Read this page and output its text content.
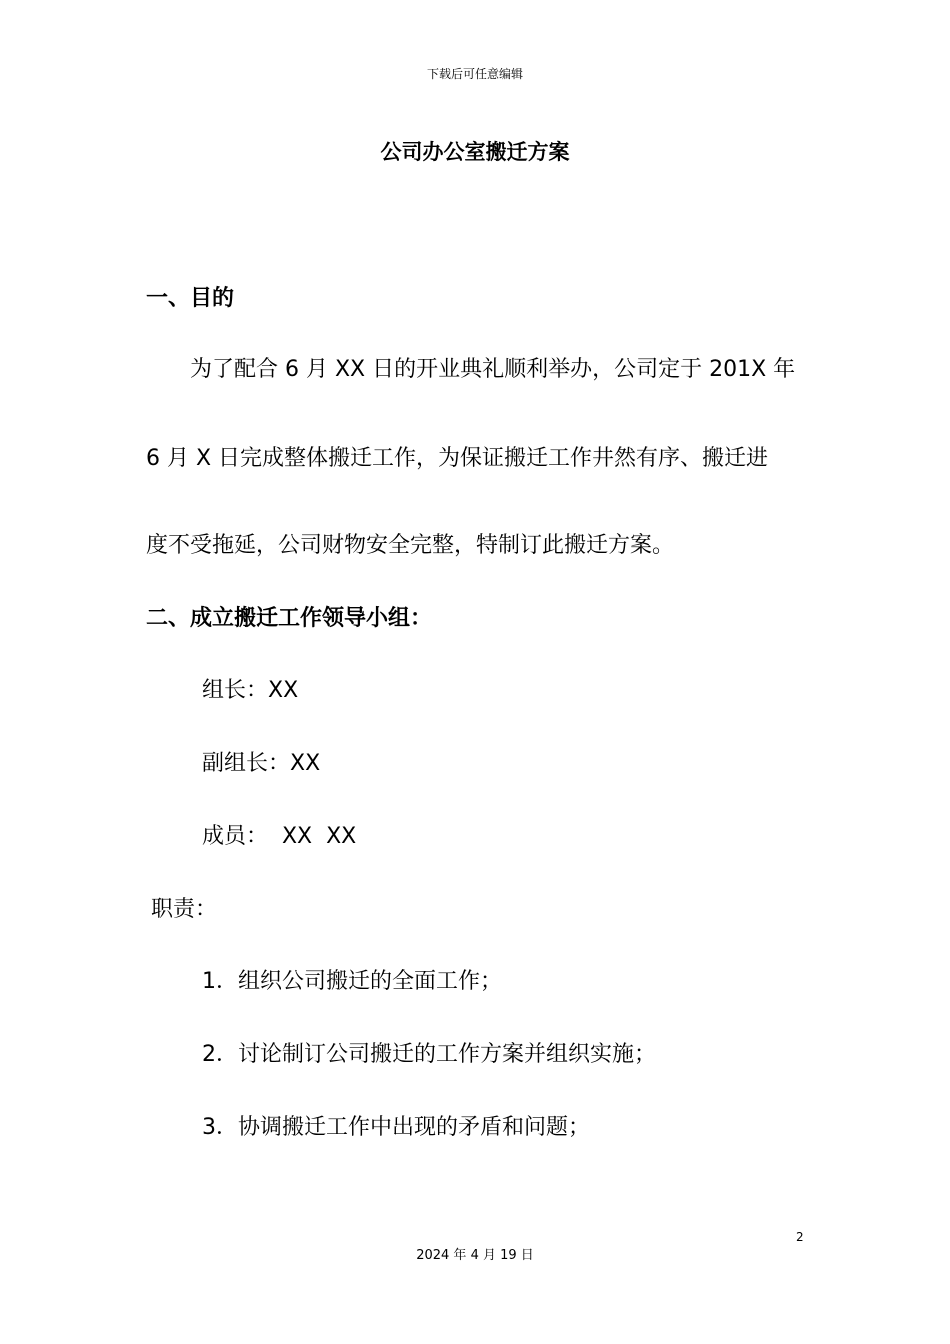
下载后可任意编辑
公司办公室搬迁方案
一、目的

为了配合 6 月 XX 日的开业典礼顺利举办，公司定于 201X 年

6 月 X 日完成整体搬迁工作，为保证搬迁工作井然有序、搬迁进

度不受拖延，公司财物安全完整，特制订此搬迁方案。

二、成立搬迁工作领导小组：

组长：XX

副组长：XX

成员：  XX  XX

职责：

1．组织公司搬迁的全面工作；

2．讨论制订公司搬迁的工作方案并组织实施；

3．协调搬迁工作中出现的矛盾和问题；

2
2024 年 4 月 19 日
